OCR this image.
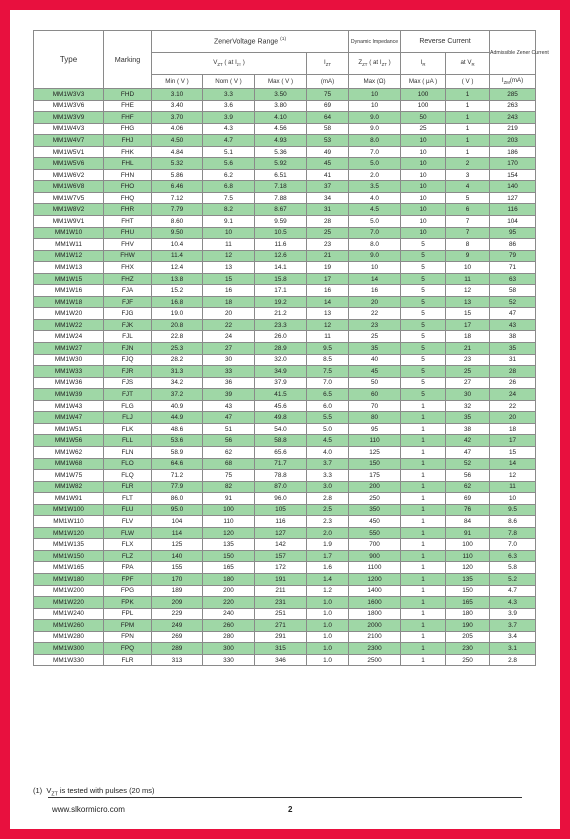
Type	Marking	ZenerVoltage Range $^{(1)}$				Dynamic Impedance	Reverse Current		Admissible Zener Current
		$V_{ZT}$ ( at $I_{zт}$ )			$I_{ZT}$	$Z_{ZT}$ ( at $I_{ZT}$ )	$I_R$	at $V_R$
		Min ( V )	Nom ( V )	Max ( V )	(mA)	Max (Ω)	Max ( μA )	( V )	$I_{ZM}(mA)$
MM1W3V3	FHD	3.10	3.3	3.50	75	10	100	1	285
MM1W3V6	FHE	3.40	3.6	3.80	69	10	100	1	263
MM1W3V9	FHF	3.70	3.9	4.10	64	9.0	50	1	243
MM1W4V3	FHG	4.06	4.3	4.56	58	9.0	25	1	219
MM1W4V7	FHJ	4.50	4.7	4.93	53	8.0	10	1	203
MM1W5V1	FHK	4.84	5.1	5.36	49	7.0	10	1	186
MM1W5V6	FHL	5.32	5.6	5.92	45	5.0	10	2	170
MM1W6V2	FHN	5.86	6.2	6.51	41	2.0	10	3	154
MM1W6V8	FHO	6.46	6.8	7.18	37	3.5	10	4	140
MM1W7V5	FHQ	7.12	7.5	7.88	34	4.0	10	5	127
MM1W8V2	FHR	7.79	8.2	8.67	31	4.5	10	6	116
MM1W9V1	FHT	8.60	9.1	9.59	28	5.0	10	7	104
MM1W10	FHU	9.50	10	10.5	25	7.0	10	7	95
MM1W11	FHV	10.4	11	11.6	23	8.0	5	8	86
MM1W12	FHW	11.4	12	12.6	21	9.0	5	9	79
MM1W13	FHX	12.4	13	14.1	19	10	5	10	71
MM1W15	FHZ	13.8	15	15.8	17	14	5	11	63
MM1W16	FJA	15.2	16	17.1	16	16	5	12	58
MM1W18	FJF	16.8	18	19.2	14	20	5	13	52
MM1W20	FJG	19.0	20	21.2	13	22	5	15	47
MM1W22	FJK	20.8	22	23.3	12	23	5	17	43
MM1W24	FJL	22.8	24	26.0	11	25	5	18	38
MM1W27	FJN	25.3	27	28.9	9.5	35	5	21	35
MM1W30	FJQ	28.2	30	32.0	8.5	40	5	23	31
MM1W33	FJR	31.3	33	34.9	7.5	45	5	25	28
MM1W36	FJS	34.2	36	37.9	7.0	50	5	27	26
MM1W39	FJT	37.2	39	41.5	6.5	60	5	30	24
MM1W43	FLG	40.9	43	45.6	6.0	70	1	32	22
MM1W47	FLJ	44.9	47	49.8	5.5	80	1	35	20
MM1W51	FLK	48.6	51	54.0	5.0	95	1	38	18
MM1W56	FLL	53.6	56	58.8	4.5	110	1	42	17
MM1W62	FLN	58.9	62	65.6	4.0	125	1	47	15
MM1W68	FLO	64.6	68	71.7	3.7	150	1	52	14
MM1W75	FLQ	71.2	75	78.8	3.3	175	1	56	12
MM1W82	FLR	77.9	82	87.0	3.0	200	1	62	11
MM1W91	FLT	86.0	91	96.0	2.8	250	1	69	10
MM1W100	FLU	95.0	100	105	2.5	350	1	76	9.5
MM1W110	FLV	104	110	116	2.3	450	1	84	8.6
MM1W120	FLW	114	120	127	2.0	550	1	91	7.8
MM1W135	FLX	125	135	142	1.9	700	1	100	7.0
MM1W150	FLZ	140	150	157	1.7	900	1	110	6.3
MM1W165	FPA	155	165	172	1.6	1100	1	120	5.8
MM1W180	FPF	170	180	191	1.4	1200	1	135	5.2
MM1W200	FPG	189	200	211	1.2	1400	1	150	4.7
MM1W220	FPK	209	220	231	1.0	1600	1	165	4.3
MM1W240	FPL	229	240	251	1.0	1800	1	180	3.9
MM1W260	FPM	249	260	271	1.0	2000	1	190	3.7
MM1W280	FPN	269	280	291	1.0	2100	1	205	3.4
MM1W300	FPQ	289	300	315	1.0	2300	1	230	3.1
MM1W330	FLR	313	330	346	1.0	2500	1	250	2.8
(1) $V_{ZT}$ is tested with pulses (20 ms)
www.slkormicro.com	2
